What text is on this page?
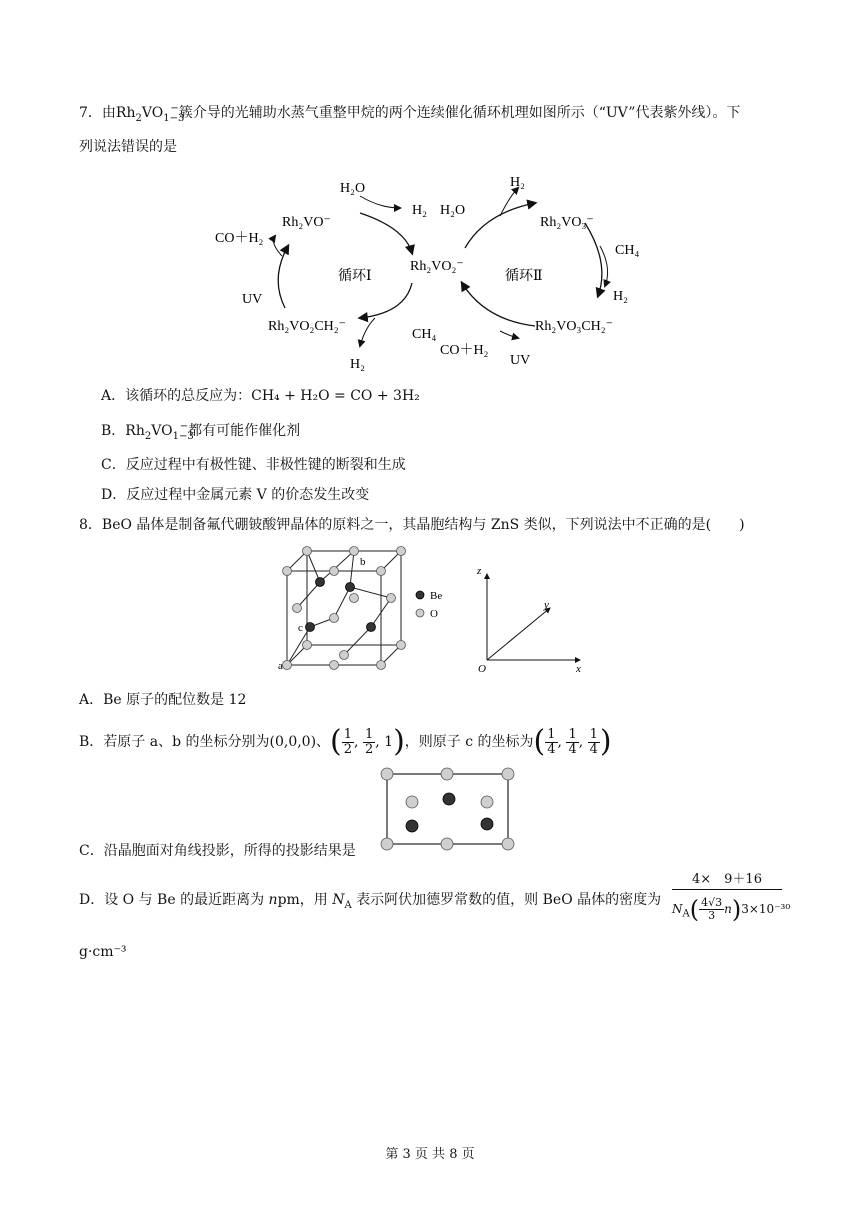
7．由$Rh_2VO_{1-3}^-$簇介导的光辅助水蒸气重整甲烷的两个连续催化循环机理如图所示（“UV”代表紫外线）。下
列说法错误的是
H₂O
H₂ H₂O
H₂
Rh₂VO⁻
Rh₂VO₂⁻
Rh₂VO₃⁻
CO＋H₂
UV
循环Ⅰ	循环Ⅱ
CH₄
H₂
Rh₂VO₂CH₂⁻	Rh₂VO₃CH₂⁻
CH₄
CO＋H₂
H₂	UV
A．该循环的总反应为：CH₄ + H₂O = CO + 3H₂
B．$Rh_2VO_{1-3}^-$都有可能作催化剂
C．反应过程中有极性键、非极性键的断裂和生成
D．反应过程中金属元素 V 的价态发生改变
8．BeO 晶体是制备氟代硼铍酸钾晶体的原料之一，其晶胞结构与 ZnS 类似，下列说法中不正确的是(　　)
a
b
c
Be
O
z
y
x
O
A．Be 原子的配位数是 12
B．若原子 a、b 的坐标分别为(0,0,0)、( $\frac{1}{2}$ , $\frac{1}{2}$ , 1)，则原子 c 的坐标为( $\frac{1}{4}$ , $\frac{1}{4}$ , $\frac{1}{4}$ )
C．沿晶胞面对角线投影，所得的投影结果是
D．设 O 与 Be 的最近距离为 npm，用 $N_A$ 表示阿伏加德罗常数的值，则 BeO 晶体的密度为 $\frac{4\times 9+16}{N_A( \frac{4√3}{3} n)3\times 10^{-30}}$
g·cm⁻³
第 3 页 共 8 页
